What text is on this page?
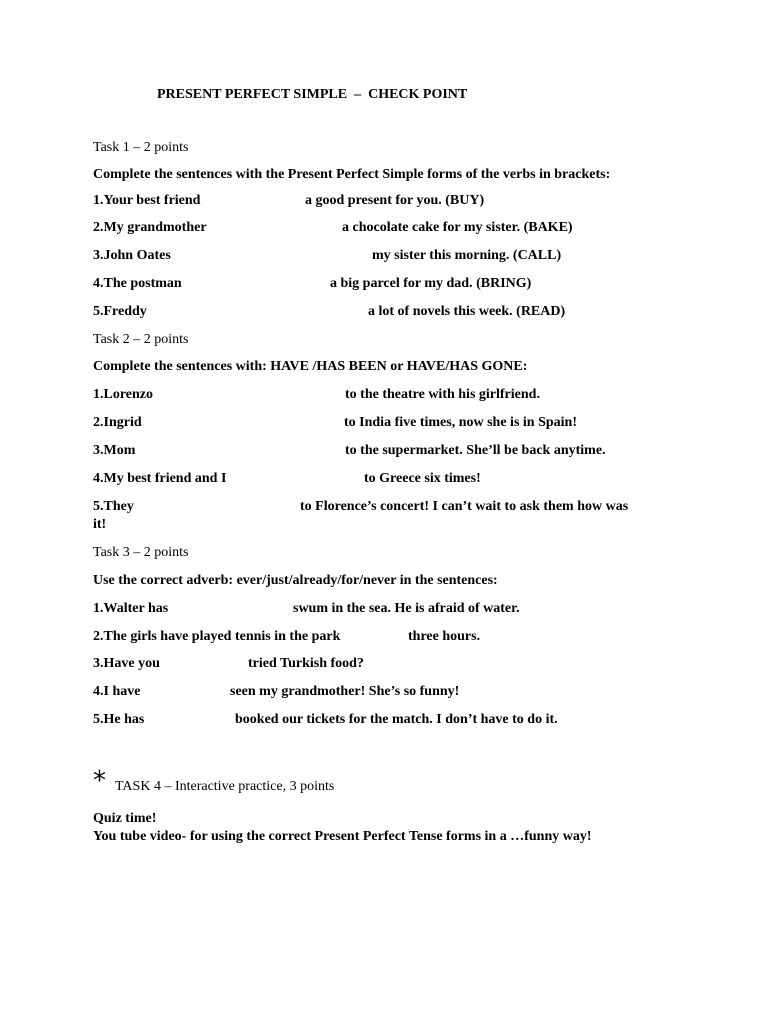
PRESENT PERFECT SIMPLE  –  CHECK POINT
Task 1 – 2 points
Complete the sentences with the Present Perfect Simple forms of the verbs in brackets:
1.Your best friend	a good present for you. (BUY)
2.My grandmother	a chocolate cake for my sister. (BAKE)
3.John Oates	my sister this morning. (CALL)
4.The postman	a big parcel for my dad. (BRING)
5.Freddy	a lot of novels this week. (READ)
Task 2 – 2 points
Complete the sentences with: HAVE /HAS BEEN or HAVE/HAS GONE:
1.Lorenzo	to the theatre with his girlfriend.
2.Ingrid	to India five times, now she is in Spain!
3.Mom	to the supermarket. She’ll be back anytime.
4.My best friend and I	to Greece six times!
5.They	to Florence’s concert! I can’t wait to ask them how was
it!
Task 3 – 2 points
Use the correct adverb: ever/just/already/for/never in the sentences:
1.Walter has	swum in the sea. He is afraid of water.
2.The girls have played tennis in the park	three hours.
3.Have you	tried Turkish food?
4.I have	seen my grandmother! She’s so funny!
5.He has	booked our tickets for the match. I don’t have to do it.
* TASK 4 – Interactive practice, 3 points
Quiz time!
You tube video- for using the correct Present Perfect Tense forms in a …funny way!
